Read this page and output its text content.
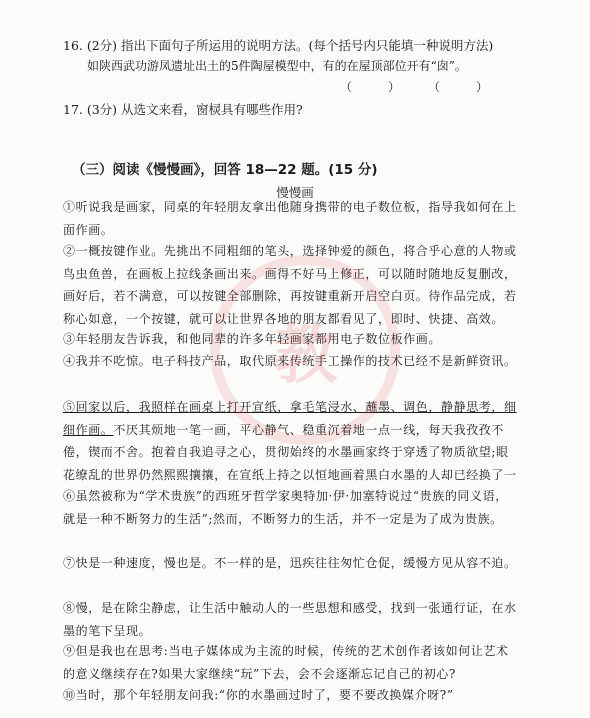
16. (2分) 指出下面句子所运用的说明方法。(每个括号内只能填一种说明方法)
如陕西武功游凤遗址出土的5件陶屋模型中，有的在屋顶部位开有“囱”。
（　　　） （　　　）
17. (3分) 从选文来看，窗棂具有哪些作用?
（三）阅读《慢慢画》，回答 18—22 题。(15 分)
慢慢画
①听说我是画家，同桌的年轻朋友拿出他随身携带的电子数位板，指导我如何在上面作画。
②一概按键作业。先挑出不同粗细的笔头，选择钟爱的颜色，将合乎心意的人物或鸟虫鱼兽，在画板上拉线条画出来。画得不好马上修正，可以随时随地反复删改，画好后，若不满意，可以按键全部删除，再按键重新开启空白页。待作品完成，若称心如意，一个按键，就可以让世界各地的朋友都看见了，即时、快捷、高效。
③年轻朋友告诉我，和他同辈的许多年轻画家都用电子数位板作画。
④我并不吃惊。电子科技产品，取代原来传统手工操作的技术已经不是新鲜资讯。
⑤回家以后，我照样在画桌上打开宣纸，拿毛笔浸水、蘸墨、调色，静静思考，细细作画。不厌其烦地一笔一画，平心静气、稳重沉着地一点一线，每天我孜孜不倦，锲而不舍。抱着自我追寻之心，贯彻始终的水墨画家终于穿透了物质欲望;眼花缭乱的世界仍然熙熙攘攘，在宣纸上持之以恒地画着黑白水墨的人却已经换了一
⑥虽然被称为“学术贵族”的西班牙哲学家奥特加·伊·加塞特说过“贵族的同义语，就是一种不断努力的生活”;然而，不断努力的生活，并不一定是为了成为贵族。
⑦快是一种速度，慢也是。不一样的是，迅疾往往匆忙仓促，缓慢方见从容不迫。
⑧慢，是在除尘静虑，让生活中触动人的一些思想和感受，找到一张通行证，在水墨的笔下呈现。
⑨但是我也在思考:当电子媒体成为主流的时候，传统的艺术创作者该如何让艺术的意义继续存在?如果大家继续“玩”下去，会不会逐渐忘记自己的初心?
⑩当时，那个年轻朋友问我:“你的水墨画过时了，要不要改换媒介呀?”
教
